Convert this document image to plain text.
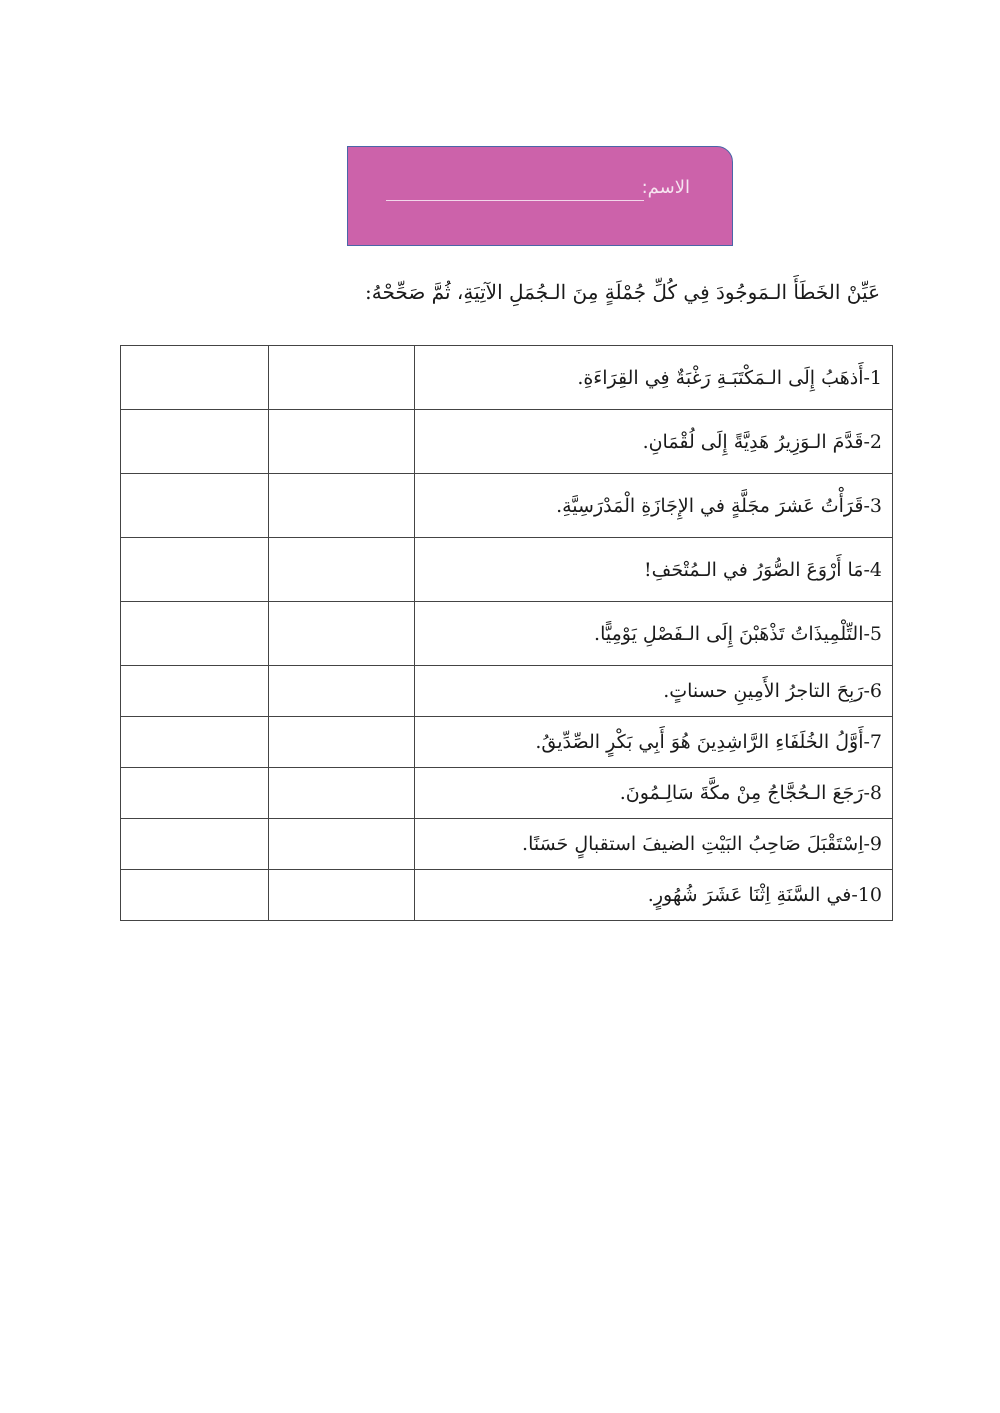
الاسم:
عَيِّنْ الخَطَأَ الـمَوجُودَ فِي كُلِّ جُمْلَةٍ مِنَ الـجُمَلِ الآتِيَةِ، ثُمَّ صَحِّحْهُ:
		1-أَذهَبُ إِلَى الـمَكْتَبَـةِ رَغْبَةٌ فِي القِرَاءَةِ.
		2-قَدَّمَ الـوَزِيرُ هَدِيَّةً إِلَى لُقْمَانِ.
		3-قَرَأْتُ عَشرَ مجَلَّةٍ في الإِجَازَةِ الْمَدْرَسِيَّةِ.
		4-مَا أَرْوَعَ الصُّوَرُ في الـمُتْحَفِ!
		5-التِّلْمِيذَاتُ تَذْهَبْنَ إِلَى الـفَصْلِ يَوْمِيًّا.
		6-رَبِحَ التاجرُ الأَمِينِ حسناتٍ.
		7-أَوَّلُ الخُلَفَاءِ الرَّاشِدِينَ هُوَ أَبِي بَكْرٍ الصِّدِّيقُ.
		8-رَجَعَ الـحُجَّاجُ مِنْ مكَّةَ سَالِـمُونَ.
		9-اِسْتَقْبَلَ صَاحِبُ البَيْتِ الضيفَ استقبالٍ حَسَنًا.
		10-في السَّنَةِ اِثْنَا عَشَرَ شُهُورٍ.
